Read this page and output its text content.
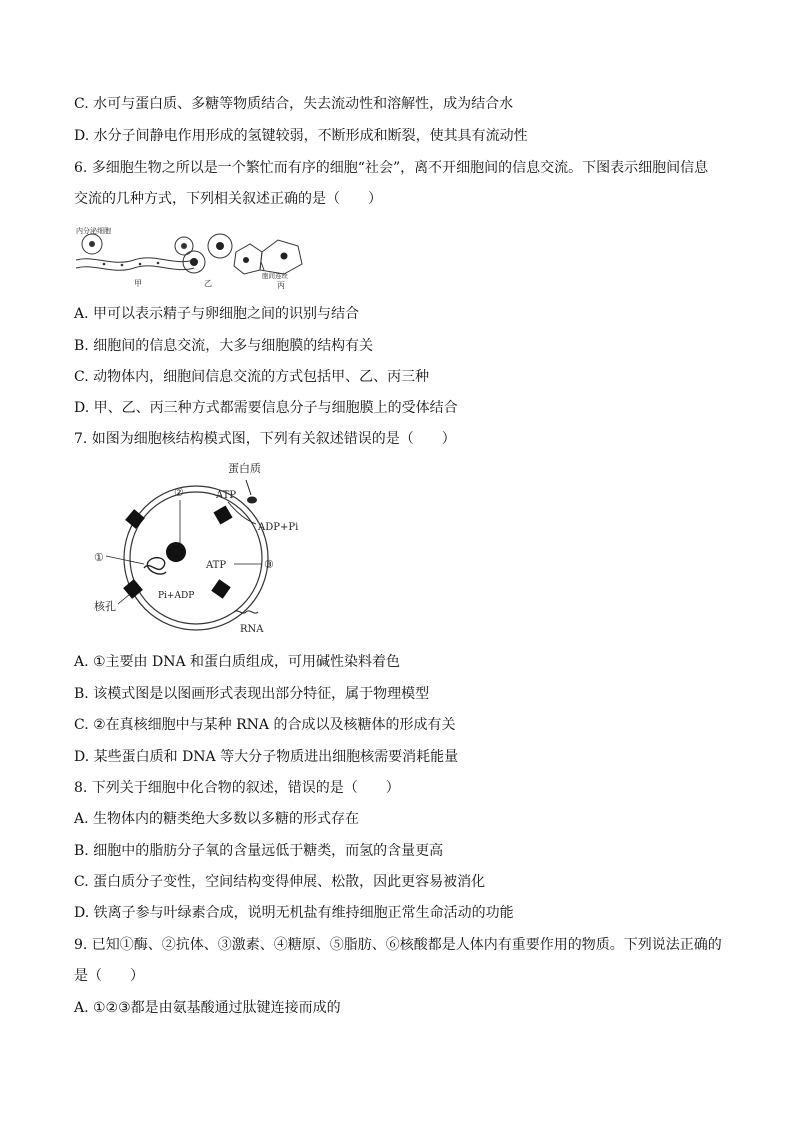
C. 水可与蛋白质、多糖等物质结合，失去流动性和溶解性，成为结合水
D. 水分子间静电作用形成的氢键较弱，不断形成和断裂，使其具有流动性
6. 多细胞生物之所以是一个繁忙而有序的细胞“社会”，离不开细胞间的信息交流。下图表示细胞间信息
交流的几种方式，下列相关叙述正确的是（　　）
内分泌细胞
甲	乙
胞间连丝
丙
A. 甲可以表示精子与卵细胞之间的识别与结合
B. 细胞间的信息交流，大多与细胞膜的结构有关
C. 动物体内，细胞间信息交流的方式包括甲、乙、丙三种
D. 甲、乙、丙三种方式都需要信息分子与细胞膜上的受体结合
7. 如图为细胞核结构模式图，下列有关叙述错误的是（　　）
蛋白质
②	ATP
ADP+Pi
①
ATP	③
Pi+ADP
核孔
RNA
A. ①主要由 DNA 和蛋白质组成，可用碱性染料着色
B. 该模式图是以图画形式表现出部分特征，属于物理模型
C. ②在真核细胞中与某种 RNA 的合成以及核糖体的形成有关
D. 某些蛋白质和 DNA 等大分子物质进出细胞核需要消耗能量
8. 下列关于细胞中化合物的叙述，错误的是（　　）
A. 生物体内的糖类绝大多数以多糖的形式存在
B. 细胞中的脂肪分子氧的含量远低于糖类，而氢的含量更高
C. 蛋白质分子变性，空间结构变得伸展、松散，因此更容易被消化
D. 铁离子参与叶绿素合成，说明无机盐有维持细胞正常生命活动的功能
9. 已知①酶、②抗体、③激素、④糖原、⑤脂肪、⑥核酸都是人体内有重要作用的物质。下列说法正确的
是（　　）
A. ①②③都是由氨基酸通过肽键连接而成的
